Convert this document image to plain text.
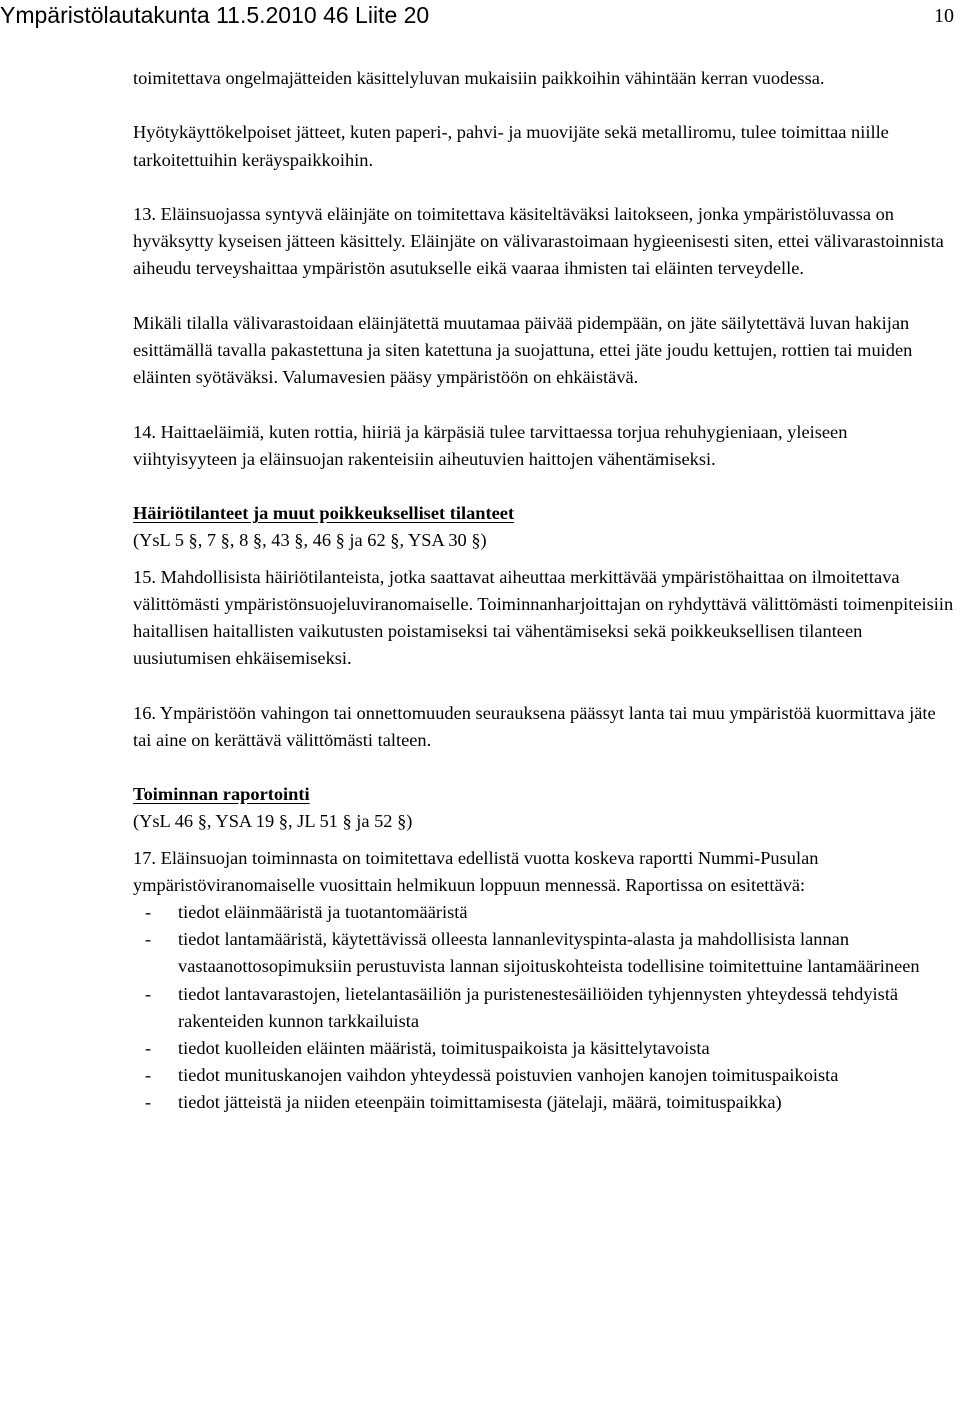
Ympäristölautakunta 11.5.2010 46 Liite 20	10

toimitettava ongelmajätteiden käsittelyluvan mukaisiin paikkoihin vähintään kerran vuodessa.

Hyötykäyttökelpoiset jätteet, kuten paperi-, pahvi- ja muovijäte sekä metalliromu, tulee toimittaa niille tarkoitettuihin keräyspaikkoihin.

13. Eläinsuojassa syntyvä eläinjäte on toimitettava käsiteltäväksi laitokseen, jonka ympäristöluvassa on hyväksytty kyseisen jätteen käsittely. Eläinjäte on välivarastoimaan hygieenisesti siten, ettei välivarastoinnista aiheudu terveyshaittaa ympäristön asutukselle eikä vaaraa ihmisten tai eläinten terveydelle.

Mikäli tilalla välivarastoidaan eläinjätettä muutamaa päivää pidempään, on jäte säilytettävä luvan hakijan esittämällä tavalla pakastettuna ja siten katettuna ja suojattuna, ettei jäte joudu kettujen, rottien tai muiden eläinten syötäväksi. Valumavesien pääsy ympäristöön on ehkäistävä.

14. Haittaeläimiä, kuten rottia, hiiriä ja kärpäsiä tulee tarvittaessa torjua rehuhygieniaan, yleiseen viihtyisyyteen ja eläinsuojan rakenteisiin aiheutuvien haittojen vähentämiseksi.

Häiriötilanteet ja muut poikkeukselliset tilanteet
(YsL 5 §, 7 §, 8 §, 43 §, 46 § ja 62 §, YSA 30 §)

15. Mahdollisista häiriötilanteista, jotka saattavat aiheuttaa merkittävää ympäristöhaittaa on ilmoitettava välittömästi ympäristönsuojeluviranomaiselle. Toiminnanharjoittajan on ryhdyttävä välittömästi toimenpiteisiin haitallisen haitallisten vaikutusten poistamiseksi tai vähentämiseksi sekä poikkeuksellisen tilanteen uusiutumisen ehkäisemiseksi.

16. Ympäristöön vahingon tai onnettomuuden seurauksena päässyt lanta tai muu ympäristöä kuormittava jäte tai aine on kerättävä välittömästi talteen.

Toiminnan raportointi
(YsL 46 §, YSA 19 §, JL 51 § ja 52 §)

17. Eläinsuojan toiminnasta on toimitettava edellistä vuotta koskeva raportti Nummi-Pusulan ympäristöviranomaiselle vuosittain helmikuun loppuun mennessä. Raportissa on esitettävä:
- tiedot eläinmääristä ja tuotantomääristä
- tiedot lantamääristä, käytettävissä olleesta lannanlevityspinta-alasta ja mahdollisista lannan vastaanottosopimuksiin perustuvista lannan sijoituskohteista todellisine toimitettuine lantamäärineen
- tiedot lantavarastojen, lietelantasäiliön ja puristenestesäiliöiden tyhjennysten yhteydessä tehdyistä rakenteiden kunnon tarkkailuista
- tiedot kuolleiden eläinten määristä, toimituspaikoista ja käsittelytavoista
- tiedot munituskanojen vaihdon yhteydessä poistuvien vanhojen kanojen toimituspaikoista
- tiedot jätteistä ja niiden eteenpäin toimittamisesta (jätelaji, määrä, toimituspaikka)
